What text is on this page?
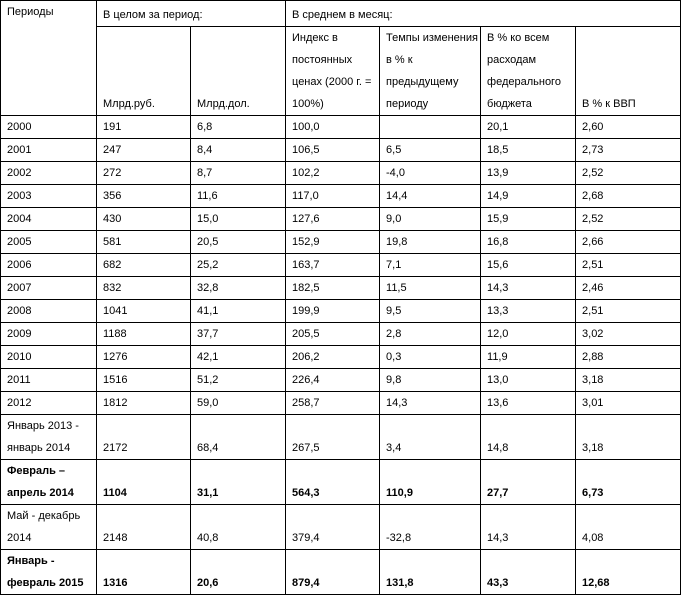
Периоды	В целом за период:		В среднем в месяц:			
	Млрд.руб.	Млрд.дол.	Индекс в постоянных ценах (2000 г. = 100%)	Темпы изменения в % к предыдущему периоду	В % ко всем расходам федерального бюджета	В % к ВВП
2000	191	6,8	100,0		20,1	2,60
2001	247	8,4	106,5	6,5	18,5	2,73
2002	272	8,7	102,2	-4,0	13,9	2,52
2003	356	11,6	117,0	14,4	14,9	2,68
2004	430	15,0	127,6	9,0	15,9	2,52
2005	581	20,5	152,9	19,8	16,8	2,66
2006	682	25,2	163,7	7,1	15,6	2,51
2007	832	32,8	182,5	11,5	14,3	2,46
2008	1041	41,1	199,9	9,5	13,3	2,51
2009	1188	37,7	205,5	2,8	12,0	3,02
2010	1276	42,1	206,2	0,3	11,9	2,88
2011	1516	51,2	226,4	9,8	13,0	3,18
2012	1812	59,0	258,7	14,3	13,6	3,01
Январь 2013 - январь 2014	2172	68,4	267,5	3,4	14,8	3,18
Февраль – апрель 2014	1104	31,1	564,3	110,9	27,7	6,73
Май - декабрь 2014	2148	40,8	379,4	-32,8	14,3	4,08
Январь - февраль 2015	1316	20,6	879,4	131,8	43,3	12,68
